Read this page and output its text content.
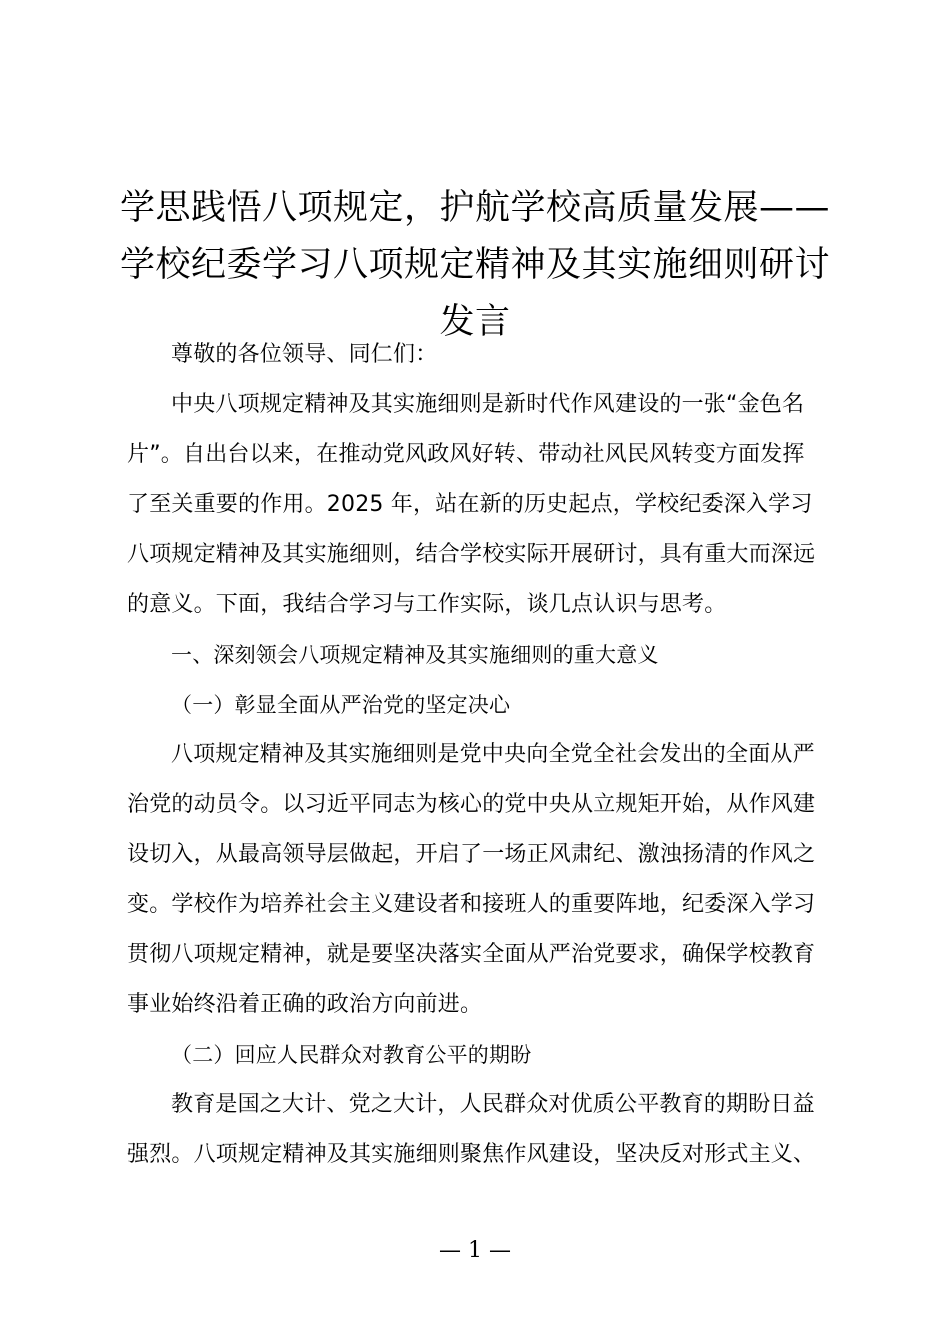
学思践悟八项规定，护航学校高质量发展——
学校纪委学习八项规定精神及其实施细则研讨
发言
尊敬的各位领导、同仁们：
中央八项规定精神及其实施细则是新时代作风建设的一张“金色名
片”。自出台以来，在推动党风政风好转、带动社风民风转变方面发挥
了至关重要的作用。2025 年，站在新的历史起点，学校纪委深入学习
八项规定精神及其实施细则，结合学校实际开展研讨，具有重大而深远
的意义。下面，我结合学习与工作实际，谈几点认识与思考。
一、深刻领会八项规定精神及其实施细则的重大意义
（一）彰显全面从严治党的坚定决心
八项规定精神及其实施细则是党中央向全党全社会发出的全面从严
治党的动员令。以习近平同志为核心的党中央从立规矩开始，从作风建
设切入，从最高领导层做起，开启了一场正风肃纪、激浊扬清的作风之
变。学校作为培养社会主义建设者和接班人的重要阵地，纪委深入学习
贯彻八项规定精神，就是要坚决落实全面从严治党要求，确保学校教育
事业始终沿着正确的政治方向前进。
（二）回应人民群众对教育公平的期盼
教育是国之大计、党之大计，人民群众对优质公平教育的期盼日益
强烈。八项规定精神及其实施细则聚焦作风建设，坚决反对形式主义、
— 1 —
